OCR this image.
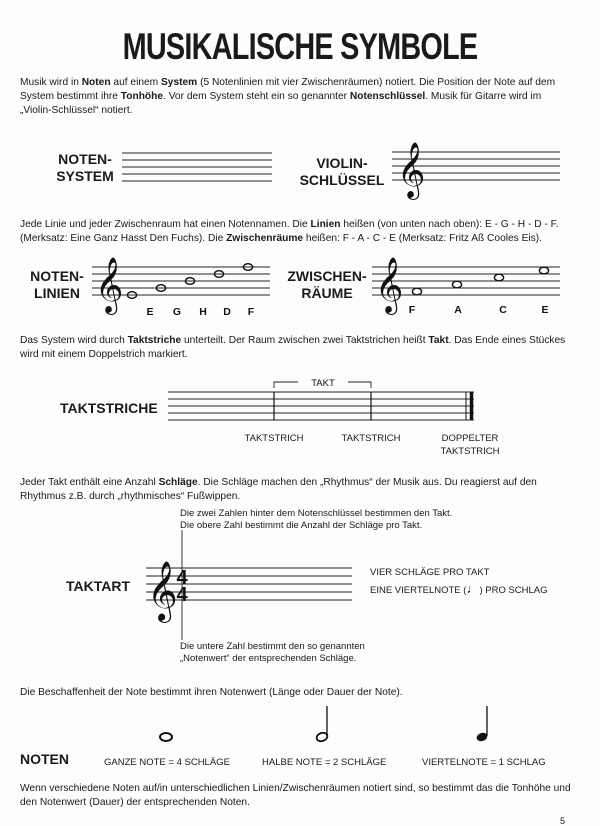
MUSIKALISCHE SYMBOLE
Musik wird in Noten auf einem System (5 Notenlinien mit vier Zwischenräumen) notiert. Die Position der Note auf dem System bestimmt ihre Tonhöhe. Vor dem System steht ein so genannter Notenschlüssel. Musik für Gitarre wird im „Violin-Schlüssel“ notiert.
NOTEN-
SYSTEM
VIOLIN-
SCHLÜSSEL 𝄞
Jede Linie und jeder Zwischenraum hat einen Notennamen. Die Linien heißen (von unten nach oben): E - G - H - D - F. (Merksatz: Eine Ganz Hasst Den Fuchs). Die Zwischenräume heißen: F - A - C - E (Merksatz: Fritz Aß Cooles Eis).
NOTEN-
LINIEN 𝄞 E G H D F
ZWISCHEN-
RÄUME 𝄞 F	A	C	E
Das System wird durch Taktstriche unterteilt. Der Raum zwischen zwei Taktstrichen heißt Takt. Das Ende eines Stückes wird mit einem Doppelstrich markiert.
TAKTSTRICHE
TAKT
TAKTSTRICH	TAKTSTRICH	DOPPELTER
TAKTSTRICH
Jeder Takt enthält eine Anzahl Schläge. Die Schläge machen den „Rhythmus“ der Musik aus. Du reagierst auf den Rhythmus z.B. durch „rhythmisches“ Fußwippen.
Die zwei Zahlen hinter dem Notenschlüssel bestimmen den Takt.
Die obere Zahl bestimmt die Anzahl der Schläge pro Takt.
TAKTART 𝄞
4
4
VIER SCHLÄGE PRO TAKT
EINE VIERTELNOTE (♩) PRO SCHLAG
Die untere Zahl bestimmt den so genannten
„Notenwert“ der entsprechenden Schläge.
Die Beschaffenheit der Note bestimmt ihren Notenwert (Länge oder Dauer der Note).
NOTEN	GANZE NOTE = 4 SCHLÄGE	HALBE NOTE = 2 SCHLÄGE	VIERTELNOTE = 1 SCHLAG
Wenn verschiedene Noten auf/in unterschiedlichen Linien/Zwischenräumen notiert sind, so bestimmt das die Tonhöhe und den Notenwert (Dauer) der entsprechenden Noten.
5
